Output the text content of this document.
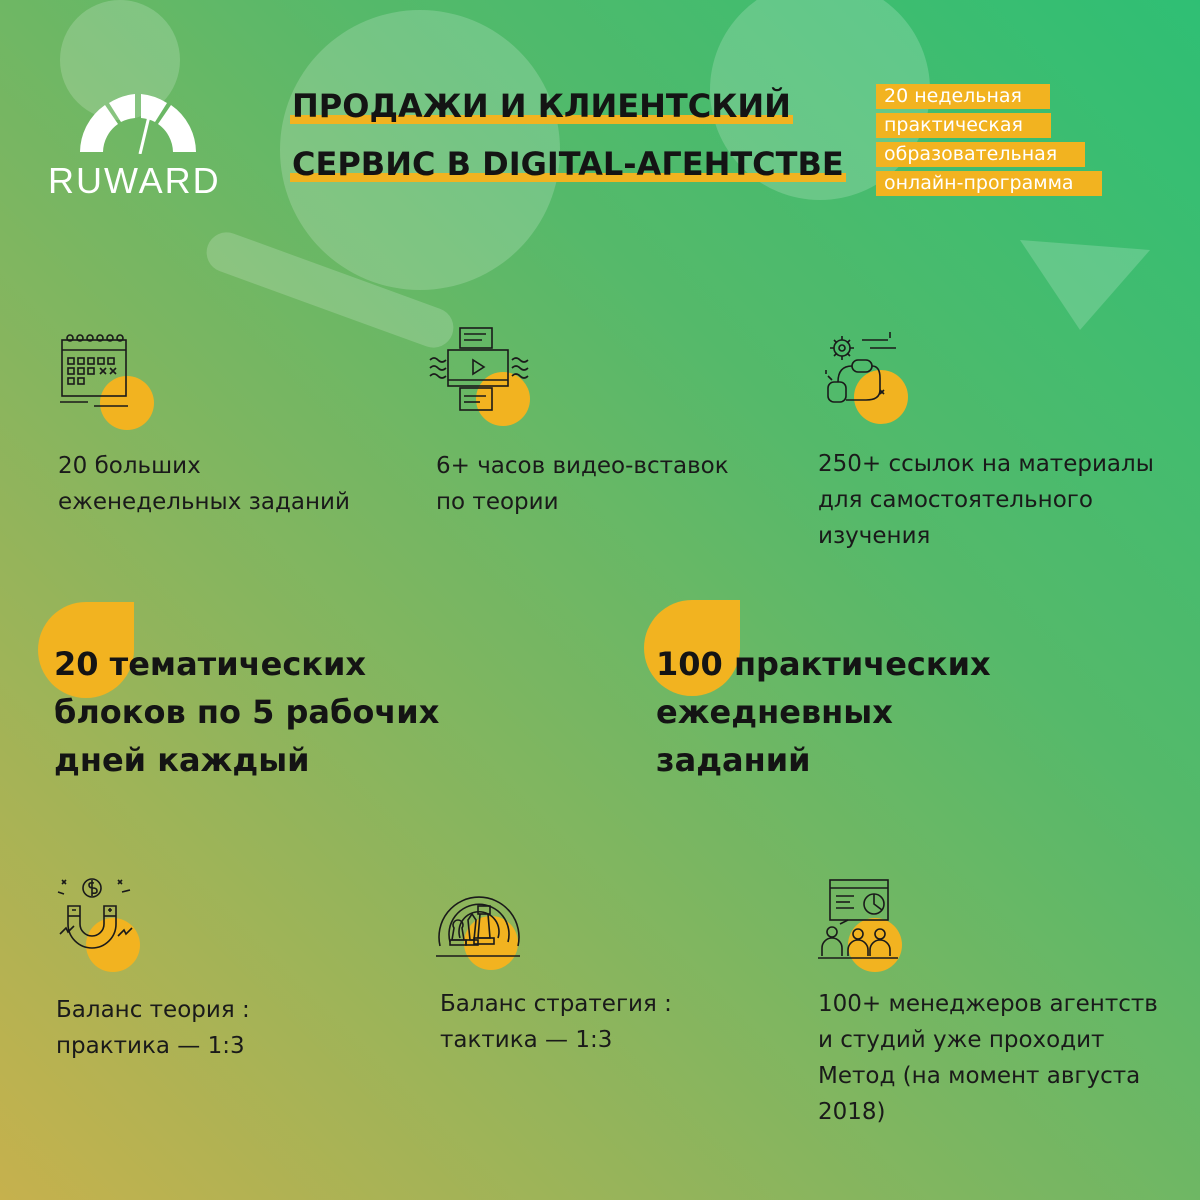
RUWARD
ПРОДАЖИ И КЛИЕНТСКИЙ
СЕРВИС В DIGITAL-АГЕНТСТВЕ
20 недельная
практическая
образовательная
онлайн-программа
20 больших
еженедельных заданий
6+ часов видео-вставок
по теории
250+ ссылок на материалы
для самостоятельного
изучения
20 тематических
блоков по 5 рабочих
дней каждый
100 практических
ежедневных
заданий
Баланс теория :
практика — 1:3
Баланс стратегия :
тактика — 1:3
100+ менеджеров агентств
и студий уже проходит
Метод (на момент августа
2018)
